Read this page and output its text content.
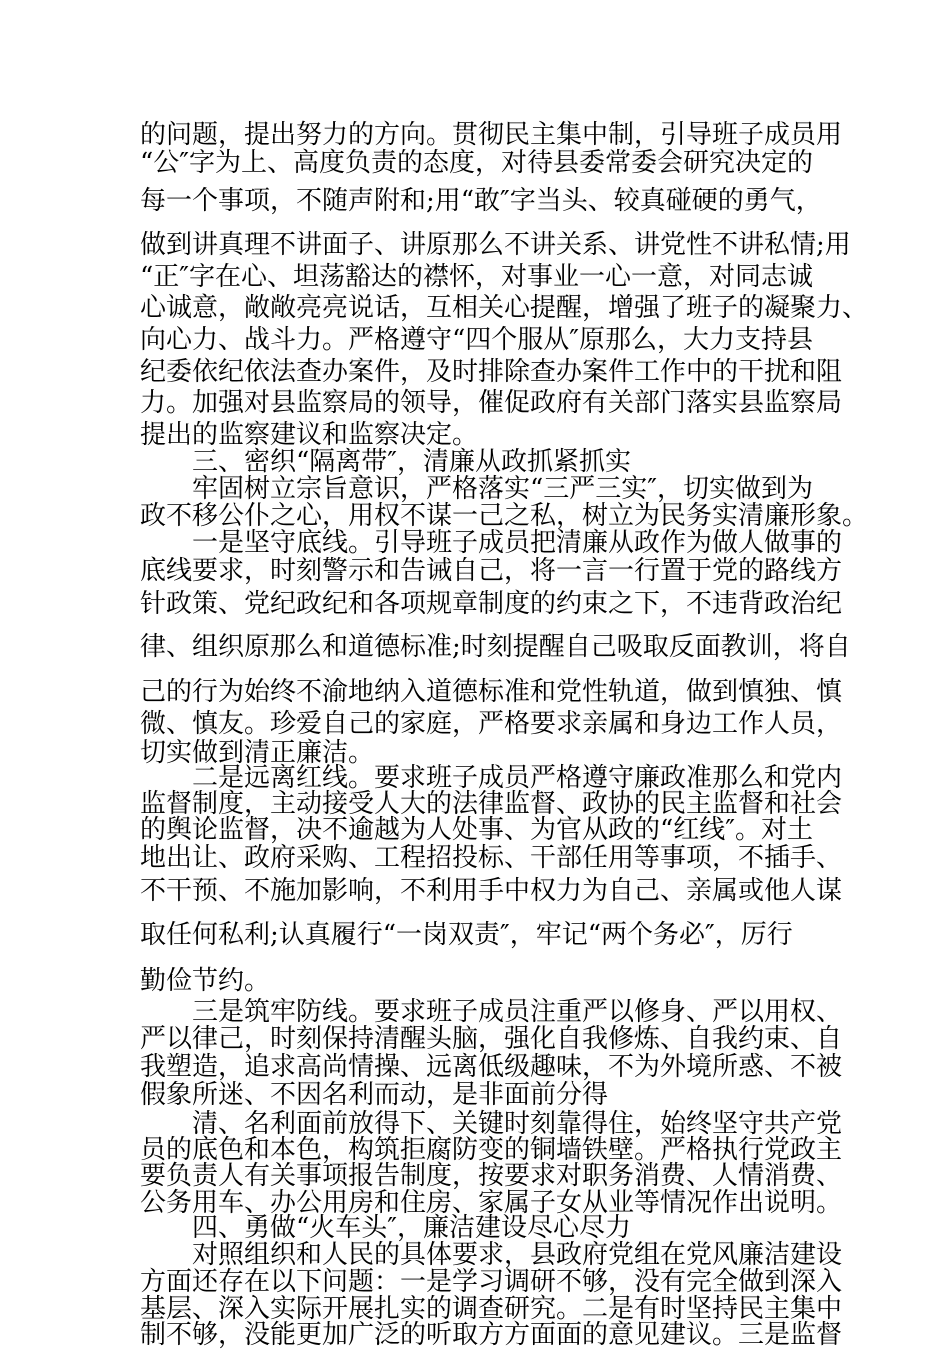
的问题，提出努力的方向。贯彻民主集中制，引导班子成员用

“公″字为上、高度负责的态度，对待县委常委会研究决定的

每一个事项，不随声附和;用“敢″字当头、较真碰硬的勇气，

做到讲真理不讲面子、讲原那么不讲关系、讲党性不讲私情;用

“正″字在心、坦荡豁达的襟怀，对事业一心一意，对同志诚

心诚意，敞敞亮亮说话，互相关心提醒，增强了班子的凝聚力、

向心力、战斗力。严格遵守“四个服从″原那么，大力支持县

纪委依纪依法查办案件，及时排除查办案件工作中的干扰和阻

力。加强对县监察局的领导，催促政府有关部门落实县监察局

提出的监察建议和监察决定。

三、密织“隔离带″，清廉从政抓紧抓实

牢固树立宗旨意识，严格落实“三严三实″，切实做到为

政不移公仆之心，用权不谋一己之私，树立为民务实清廉形象。

一是坚守底线。引导班子成员把清廉从政作为做人做事的

底线要求，时刻警示和告诫自己，将一言一行置于党的路线方

针政策、党纪政纪和各项规章制度的约束之下，不违背政治纪

律、组织原那么和道德标准;时刻提醒自己吸取反面教训，将自

己的行为始终不渝地纳入道德标准和党性轨道，做到慎独、慎

微、慎友。珍爱自己的家庭，严格要求亲属和身边工作人员，

切实做到清正廉洁。

二是远离红线。要求班子成员严格遵守廉政准那么和党内

监督制度，主动接受人大的法律监督、政协的民主监督和社会

的舆论监督，决不逾越为人处事、为官从政的“红线″。对土

地出让、政府采购、工程招投标、干部任用等事项，不插手、

不干预、不施加影响，不利用手中权力为自己、亲属或他人谋

取任何私利;认真履行“一岗双责″，牢记“两个务必″，厉行

勤俭节约。

三是筑牢防线。要求班子成员注重严以修身、严以用权、

严以律己，时刻保持清醒头脑，强化自我修炼、自我约束、自

我塑造，追求高尚情操、远离低级趣味，不为外境所惑、不被

假象所迷、不因名利而动，是非面前分得

清、名利面前放得下、关键时刻靠得住，始终坚守共产党

员的底色和本色，构筑拒腐防变的铜墙铁壁。严格执行党政主

要负责人有关事项报告制度，按要求对职务消费、人情消费、

公务用车、办公用房和住房、家属子女从业等情况作出说明。

四、勇做“火车头″，廉洁建设尽心尽力

对照组织和人民的具体要求，县政府党组在党风廉洁建设

方面还存在以下问题：一是学习调研不够，没有完全做到深入

基层、深入实际开展扎实的调查研究。二是有时坚持民主集中

制不够，没能更加广泛的听取方方面面的意见建议。三是监督
